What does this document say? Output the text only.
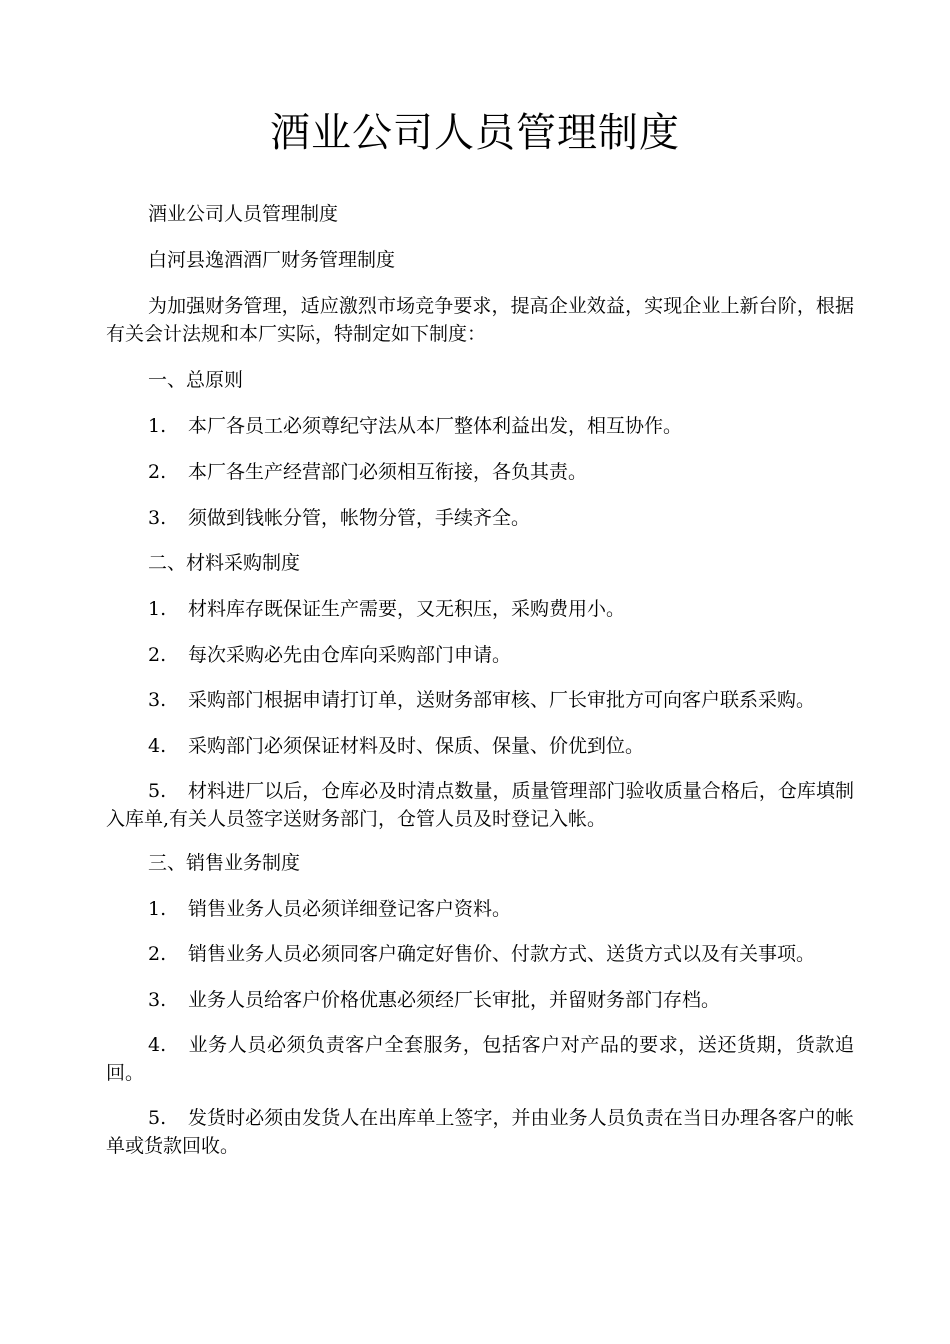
酒业公司人员管理制度

酒业公司人员管理制度

白河县逸酒酒厂财务管理制度

为加强财务管理，适应激烈市场竞争要求，提高企业效益，实现企业上新台阶，根据有关会计法规和本厂实际，特制定如下制度：

一、总原则

1. 本厂各员工必须尊纪守法从本厂整体利益出发，相互协作。

2. 本厂各生产经营部门必须相互衔接，各负其责。

3. 须做到钱帐分管，帐物分管，手续齐全。

二、材料采购制度

1. 材料库存既保证生产需要，又无积压，采购费用小。

2. 每次采购必先由仓库向采购部门申请。

3. 采购部门根据申请打订单，送财务部审核、厂长审批方可向客户联系采购。

4. 采购部门必须保证材料及时、保质、保量、价优到位。

5. 材料进厂以后，仓库必及时清点数量，质量管理部门验收质量合格后，仓库填制入库单,有关人员签字送财务部门，仓管人员及时登记入帐。

三、销售业务制度

1. 销售业务人员必须详细登记客户资料。

2. 销售业务人员必须同客户确定好售价、付款方式、送货方式以及有关事项。

3. 业务人员给客户价格优惠必须经厂长审批，并留财务部门存档。

4. 业务人员必须负责客户全套服务，包括客户对产品的要求，送还货期，货款追回。

5. 发货时必须由发货人在出库单上签字，并由业务人员负责在当日办理各客户的帐单或货款回收。
